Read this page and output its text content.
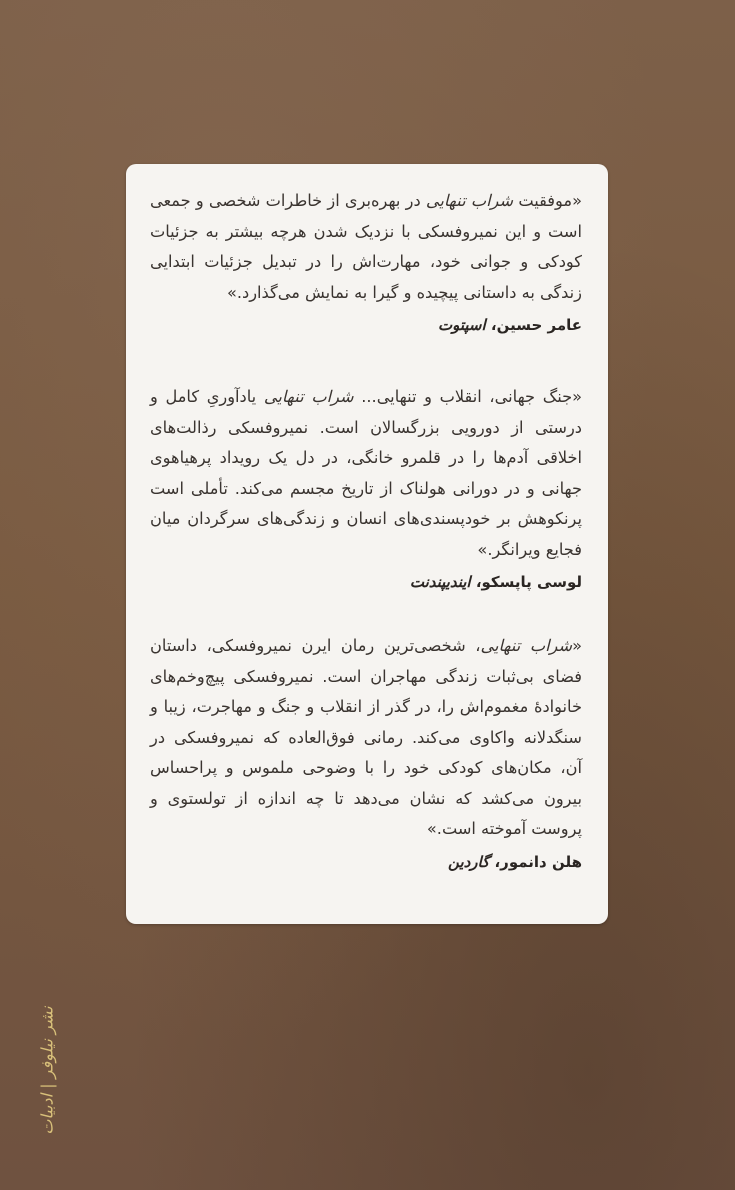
«موفقیت شراب تنهایی در بهره‌بری از خاطرات شخصی و جمعی است و این نمیروفسکی با نزدیک شدن هرچه بیشتر به جزئیات کودکی و جوانی خود، مهارت‌اش را در تبدیل جزئیات ابتدایی زندگی به داستانی پیچیده و گیرا به نمایش می‌گذارد.»

عامر حسین، اسپتوت

«جنگ جهانی، انقلاب و تنهایی... شراب تنهایی یادآوریِ کامل و درستی از دورویی بزرگسالان است. نمیروفسکی رذالت‌های اخلاقی آدم‌ها را در قلمرو خانگی، در دل یک رویداد پرهیاهوی جهانی و در دورانی هولناک از تاریخ مجسم می‌کند. تأملی است پرنکوهش بر خودپسندی‌های انسان و زندگی‌های سرگردان میان فجایع ویرانگر.»

لوسی پاپسکو، ایندیپندنت

«شراب تنهایی، شخصی‌ترین رمان ایرن نمیروفسکی، داستان فضای بی‌ثبات زندگی مهاجران است. نمیروفسکی پیچ‌وخم‌های خانوادهٔ مغموم‌اش را، در گذر از انقلاب و جنگ و مهاجرت، زیبا و سنگدلانه واکاوی می‌کند. رمانی فوق‌العاده که نمیروفسکی در آن، مکان‌های کودکی خود را با وضوحی ملموس و پراحساس بیرون می‌کشد که نشان می‌دهد تا چه اندازه از تولستوی و پروست آموخته است.»

هلن دانمور، گاردین
نشر نیلوفر | ادبیات
